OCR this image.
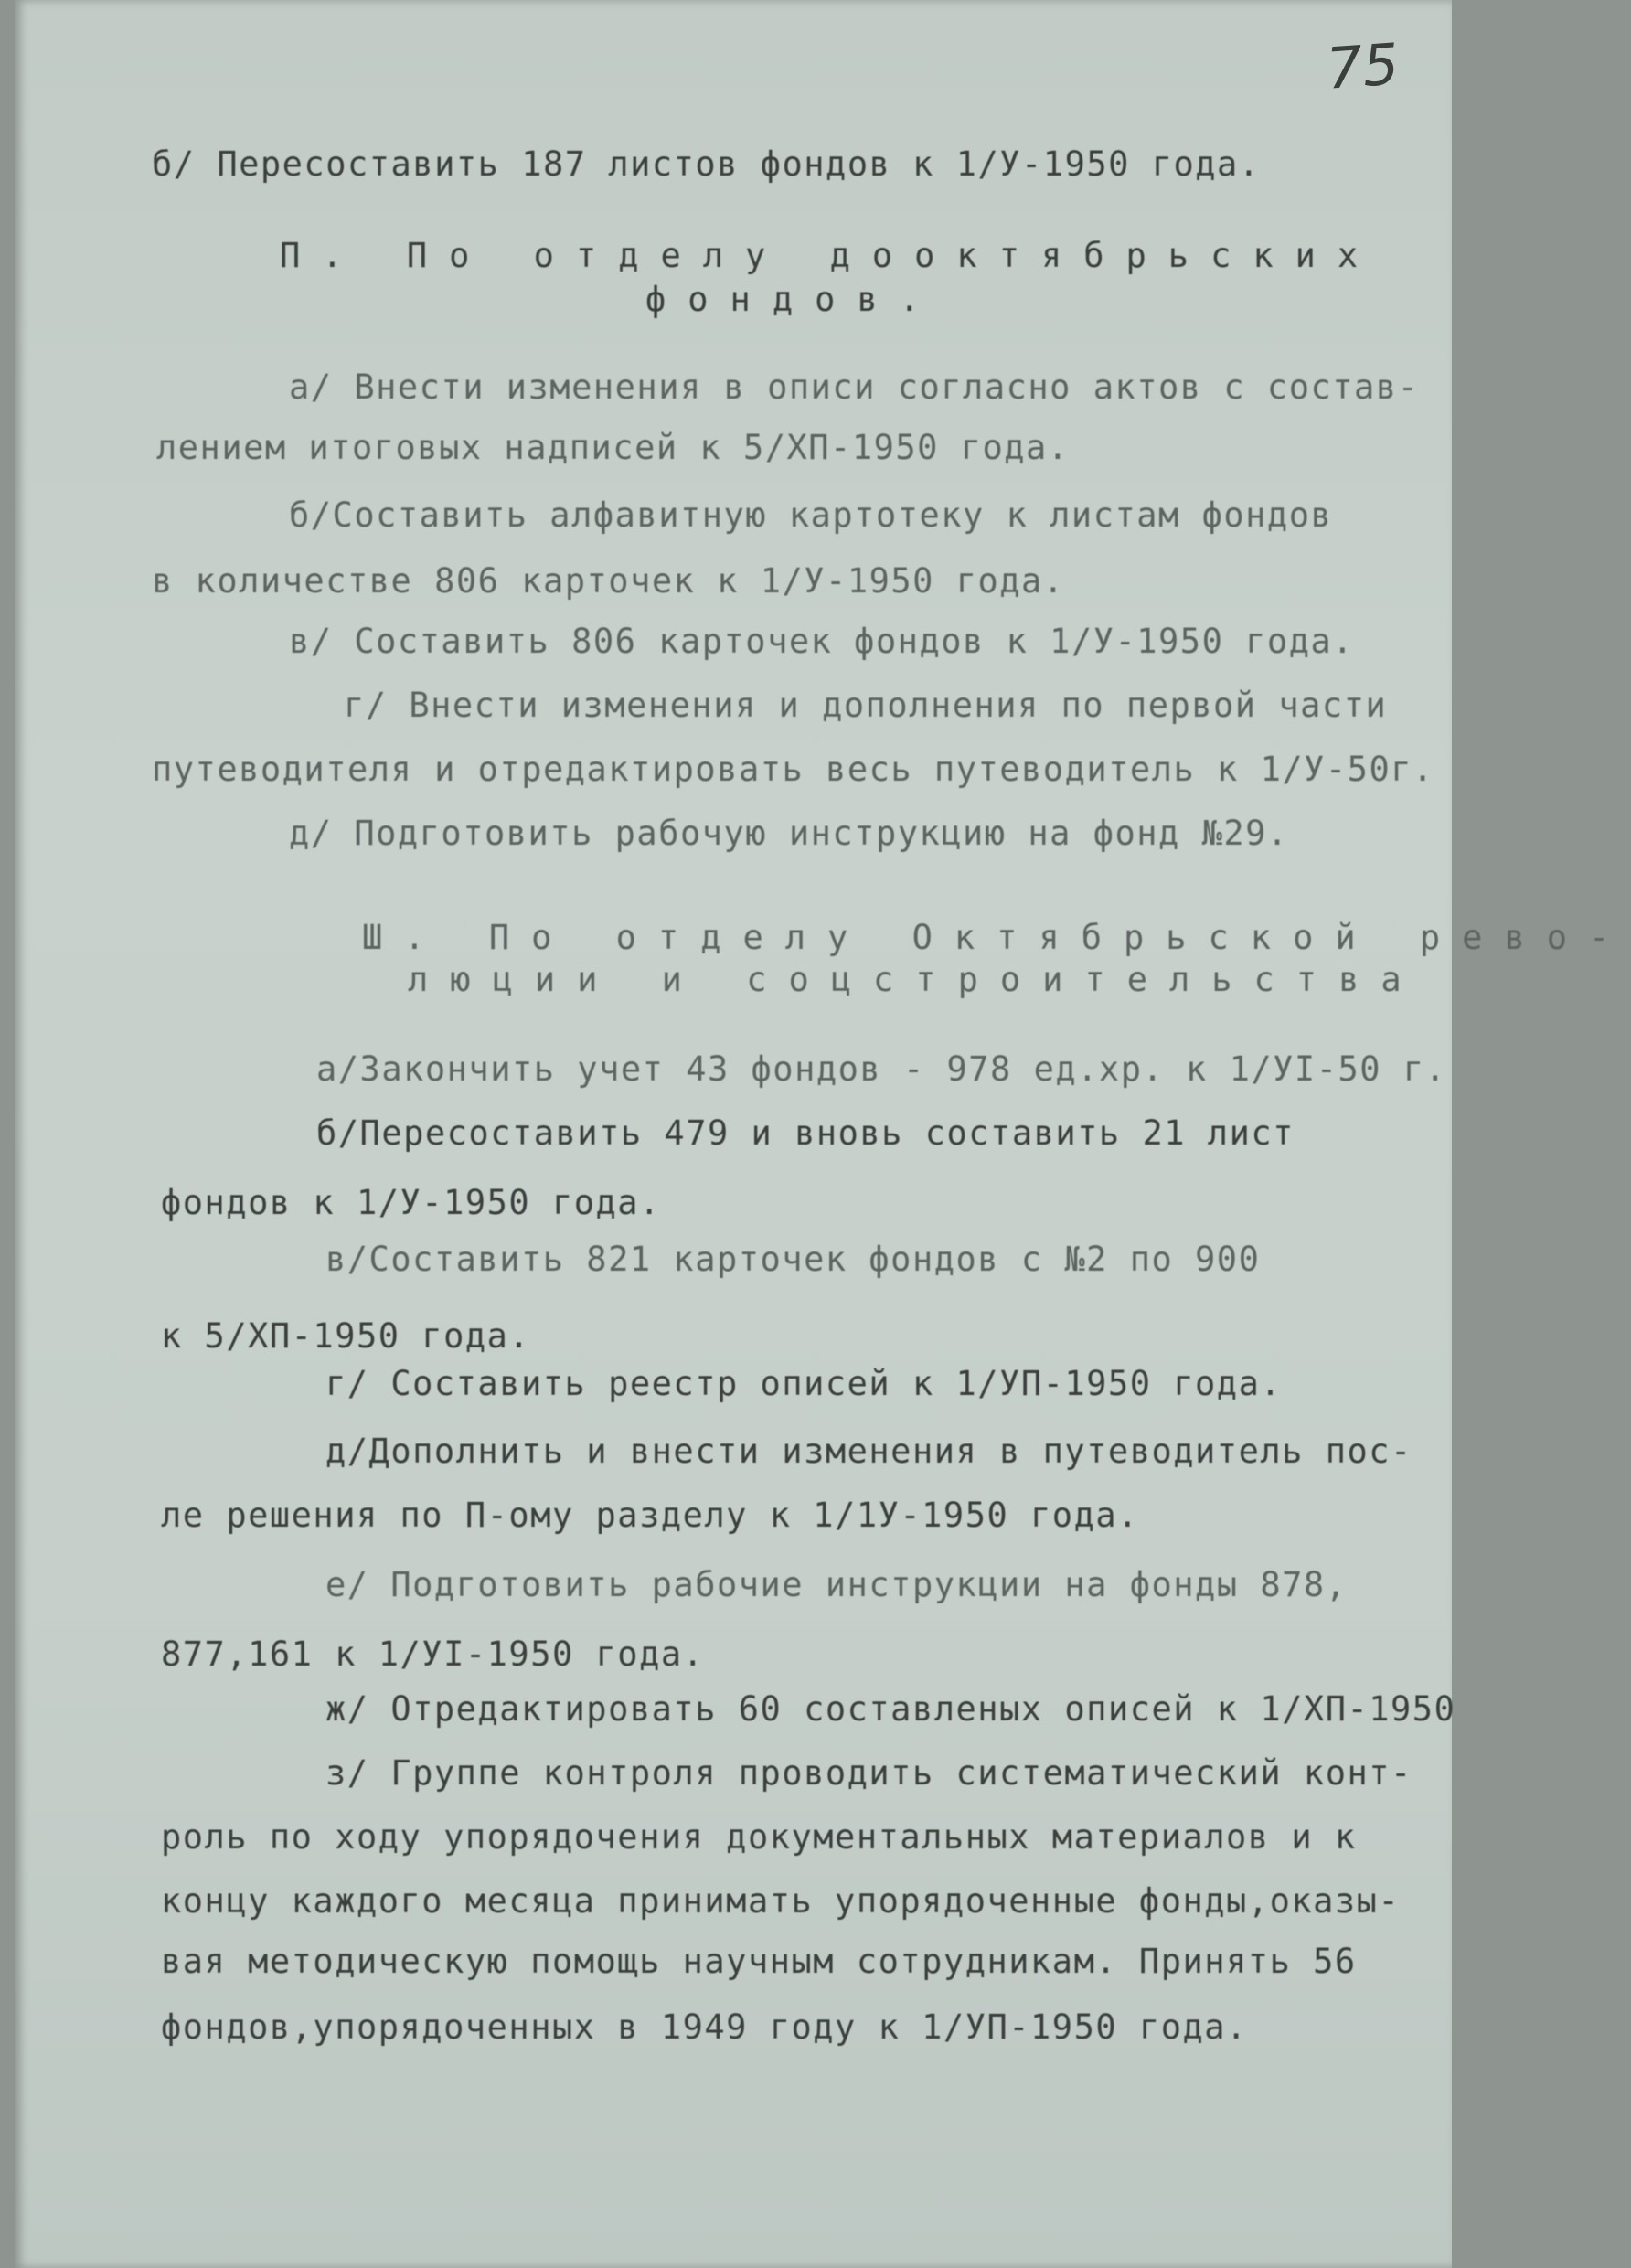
75
б/ Пересоставить 187 листов фондов к 1/У-1950 года.
П. По отделу дооктябрьских
фондов.
а/ Внести изменения в описи согласно актов с состав-
лением итоговых надписей к 5/ХП-1950 года.
б/Составить алфавитную картотеку к листам фондов
в количестве 806 карточек к 1/У-1950 года.
в/ Составить 806 карточек фондов к 1/У-1950 года.
г/ Внести изменения и дополнения по первой части
путеводителя и отредактировать весь путеводитель к 1/У-50г.
д/ Подготовить рабочую инструкцию на фонд №29.
Ш. По отделу Октябрьской рево-
люции и соцстроительства
а/Закончить учет 43 фондов - 978 ед.хр. к 1/УI-50 г.
б/Пересоставить 479 и вновь составить 21 лист
фондов к 1/У-1950 года.
в/Составить 821 карточек фондов с №2 по 900
к 5/ХП-1950 года.
г/ Составить реестр описей к 1/УП-1950 года.
д/Дополнить и внести изменения в путеводитель пос-
ле решения по П-ому разделу к 1/1У-1950 года.
е/ Подготовить рабочие инструкции на фонды 878,
877,161 к 1/УI-1950 года.
ж/ Отредактировать 60 составленых описей к 1/ХП-1950
з/ Группе контроля проводить систематический конт-
роль по ходу упорядочения документальных материалов и к
концу каждого месяца принимать упорядоченные фонды,оказы-
вая методическую помощь научным сотрудникам. Принять 56
фондов,упорядоченных в 1949 году к 1/УП-1950 года.
